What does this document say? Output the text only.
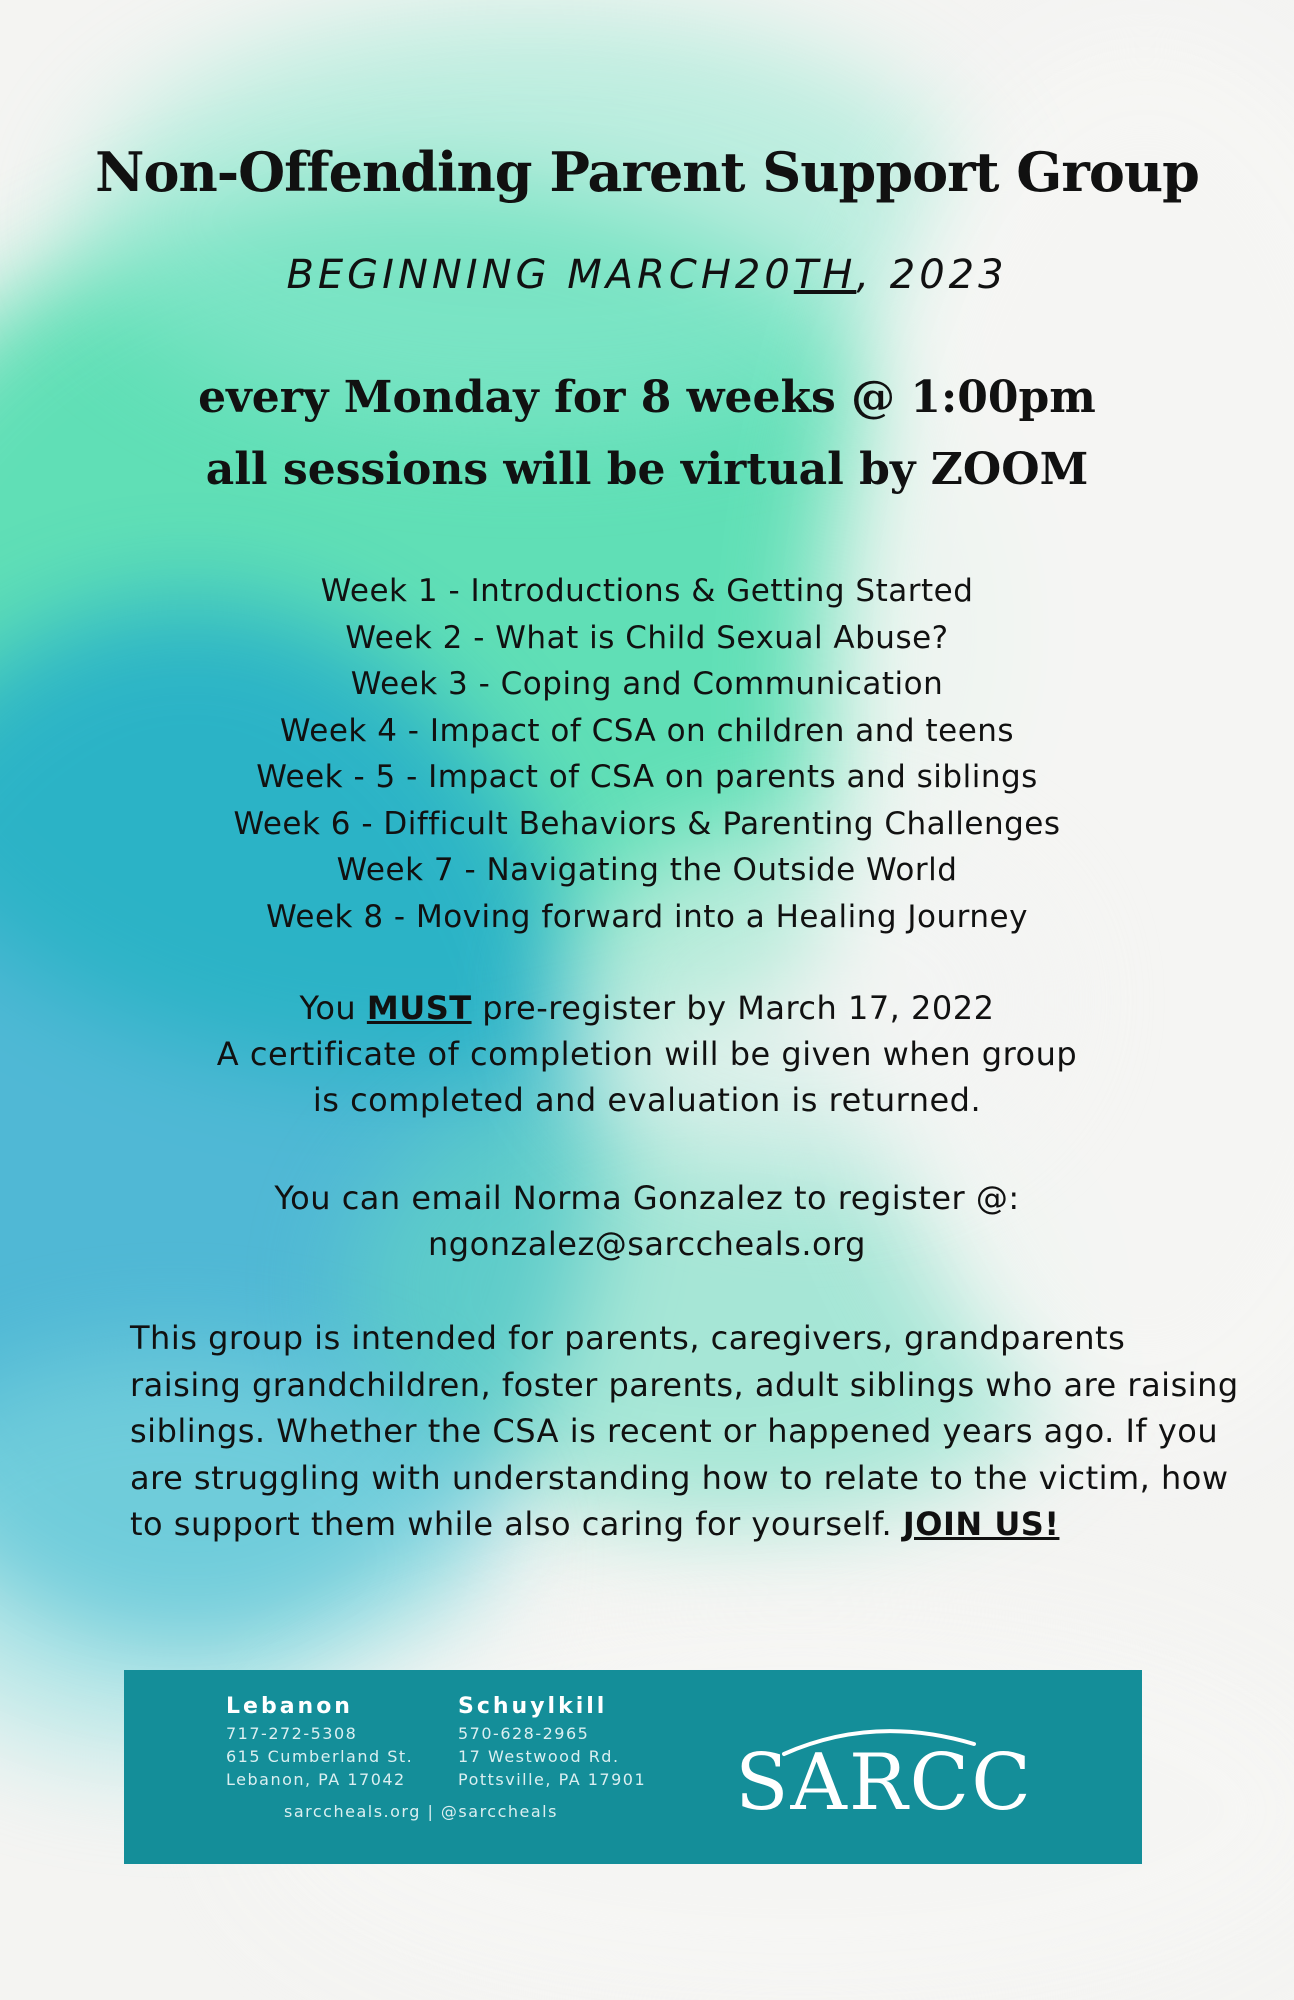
Non-Offending Parent Support Group
BEGINNING MARCH20TH, 2023
every Monday for 8 weeks @ 1:00pm
all sessions will be virtual by ZOOM
Week 1 - Introductions & Getting Started
Week 2 - What is Child Sexual Abuse?
Week 3 - Coping and Communication
Week 4 - Impact of CSA on children and teens
Week - 5 - Impact of CSA on parents and siblings
Week 6 - Difficult Behaviors & Parenting Challenges
Week 7 - Navigating the Outside World
Week 8 - Moving forward into a Healing Journey
You MUST pre-register by March 17, 2022
A certificate of completion will be given when group
is completed and evaluation is returned.
You can email Norma Gonzalez to register @:
ngonzalez@sarccheals.org
This group is intended for parents, caregivers, grandparents raising grandchildren, foster parents, adult siblings who are raising siblings. Whether the CSA is recent or happened years ago. If you are struggling with understanding how to relate to the victim, how to support them while also caring for yourself. JOIN US!
Lebanon
717-272-5308
615 Cumberland St.
Lebanon, PA 17042
Schuylkill
570-628-2965
17 Westwood Rd.
Pottsville, PA 17901
sarccheals.org | @sarccheals SARCC
